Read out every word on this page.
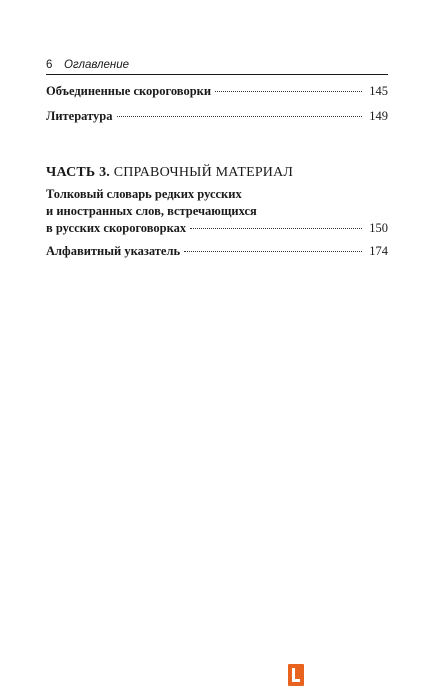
6 Оглавление
Объединенные скороговорки	145
Литература	149
ЧАСТЬ 3. СПРАВОЧНЫЙ МАТЕРИАЛ
Толковый словарь редких русских
и иностранных слов, встречающихся
в русских скороговорках	150
Алфавитный указатель	174
